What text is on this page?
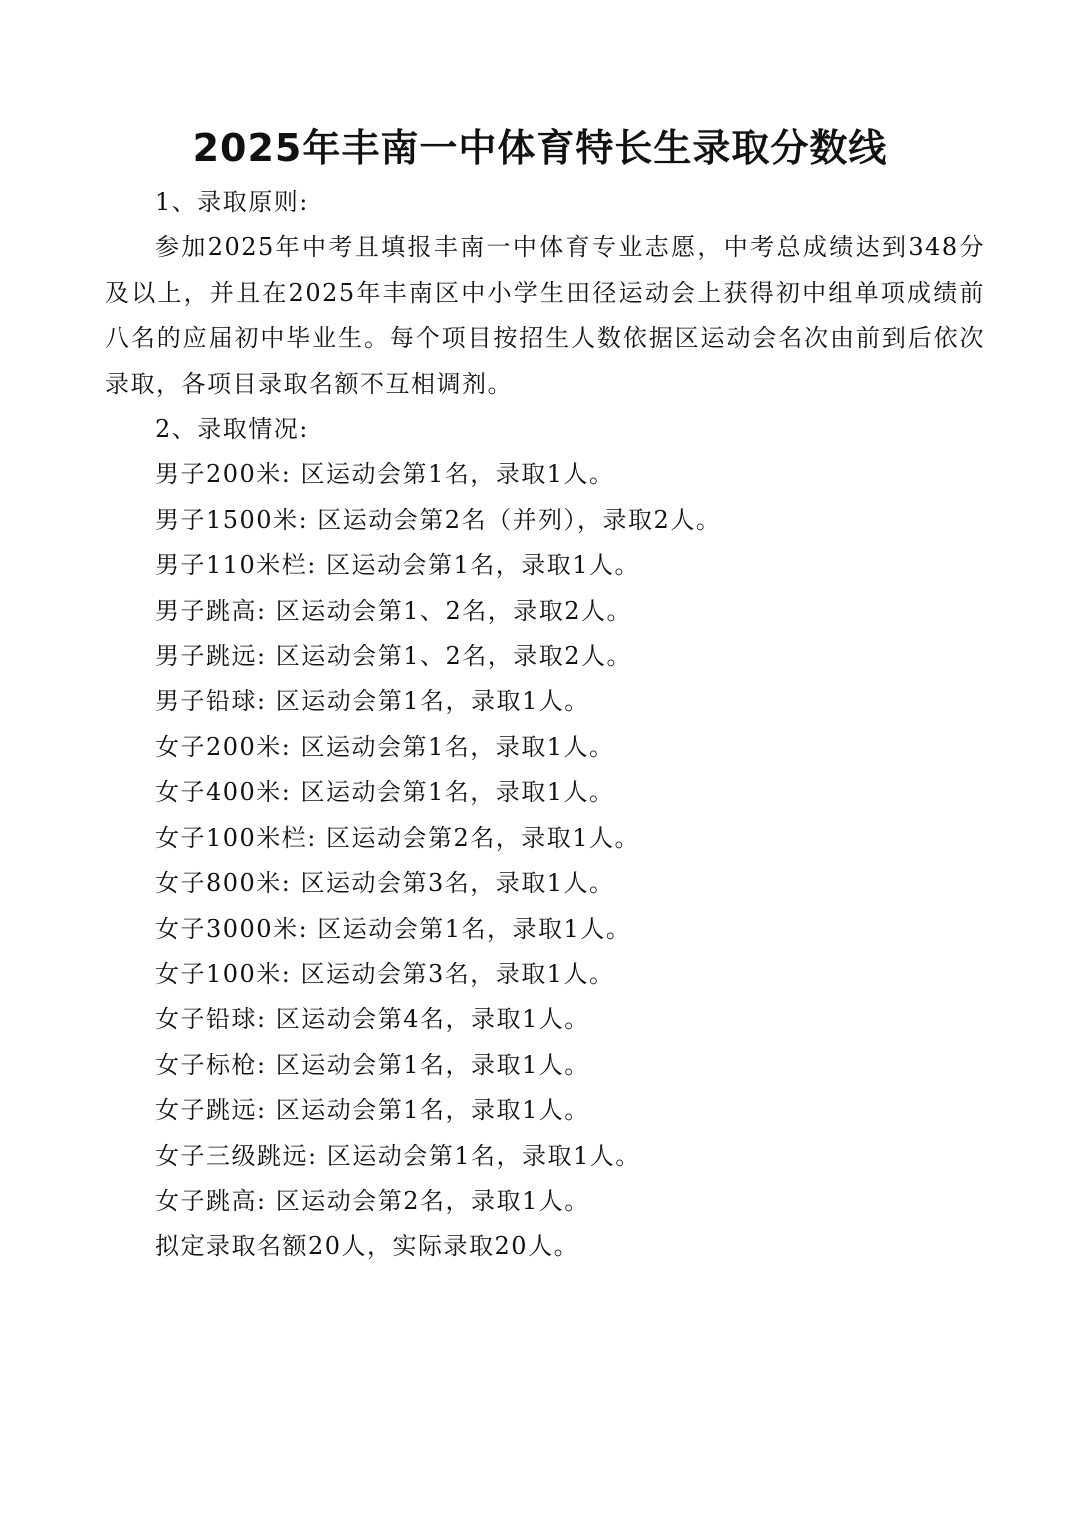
2025年丰南一中体育特长生录取分数线
1、录取原则:
参加2025年中考且填报丰南一中体育专业志愿，中考总成绩达到348分及以上，并且在2025年丰南区中小学生田径运动会上获得初中组单项成绩前八名的应届初中毕业生。每个项目按招生人数依据区运动会名次由前到后依次录取，各项目录取名额不互相调剂。
2、录取情况:
男子200米: 区运动会第1名，录取1人。
男子1500米: 区运动会第2名（并列），录取2人。
男子110米栏: 区运动会第1名，录取1人。
男子跳高: 区运动会第1、2名，录取2人。
男子跳远: 区运动会第1、2名，录取2人。
男子铅球: 区运动会第1名，录取1人。
女子200米: 区运动会第1名，录取1人。
女子400米: 区运动会第1名，录取1人。
女子100米栏: 区运动会第2名，录取1人。
女子800米: 区运动会第3名，录取1人。
女子3000米: 区运动会第1名，录取1人。
女子100米: 区运动会第3名，录取1人。
女子铅球: 区运动会第4名，录取1人。
女子标枪: 区运动会第1名，录取1人。
女子跳远: 区运动会第1名，录取1人。
女子三级跳远: 区运动会第1名，录取1人。
女子跳高: 区运动会第2名，录取1人。
拟定录取名额20人，实际录取20人。
